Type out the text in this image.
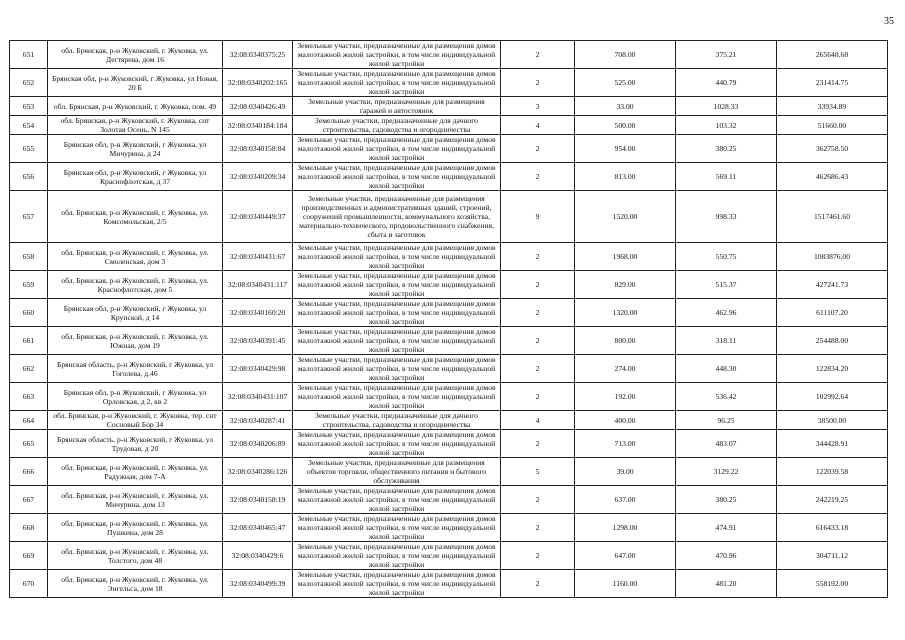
35
651	обл. Брянская, р-н Жуковский, г. Жуковка, ул. Дегтярева, дом 16	32:08:0340375:25	Земельные участки, предназначенные для размещения домов малоэтажной жилой застройки, в том числе индивидуальной жилой застройки	2	708.00	375.21	265648.68
652	Брянская обл, р-н Жуковский, г Жуковка, ул Новая, 20 Б	32:08:0340202:165	Земельные участки, предназначенные для размещения домов малоэтажной жилой застройки, в том числе индивидуальной жилой застройки	2	525.00	440.79	231414.75
653	обл. Брянская, р-н Жуковский, г. Жуковка, пом. 49	32:08:0340426:49	Земельные участки, предназначенные для размещения гаражей и автостоянок	3	33.00	1028.33	33934.89
654	обл. Брянская, р-н Жуковский, г. Жуковка, снт Золотая Осень, N 145	32:08:0340184:184	Земельные участки, предназначенные для дачного строительства, садоводства и огородничества	4	500.00	103.32	51660.00
655	Брянская обл, р-н Жуковский, г Жуковка, ул Мичурина, д 24	32:08:0340158:84	Земельные участки, предназначенные для размещения домов малоэтажной жилой застройки, в том числе индивидуальной жилой застройки	2	954.00	380.25	362758.50
656	Брянская обл, р-н Жуковский, г Жуковка, ул Краснофлотская, д 37	32:08:0340209:34	Земельные участки, предназначенные для размещения домов малоэтажной жилой застройки, в том числе индивидуальной жилой застройки	2	813.00	569.11	462686.43
657	обл. Брянская, р-н Жуковский, г. Жуковка, ул. Комсомольская, 2/5	32:08:0340449:37	Земельные участки, предназначенные для размещения производственных и административных зданий, строений, сооружений промышленности, коммунального хозяйства, материально-технического, продовольственного снабжения, сбыта и заготовок	9	1520.00	998.33	1517461.60
658	обл. Брянская, р-н Жуковский, г. Жуковка, ул. Смоленская, дом 3	32:08:0340431:67	Земельные участки, предназначенные для размещения домов малоэтажной жилой застройки, в том числе индивидуальной жилой застройки	2	1968.00	550.75	1083876.00
659	обл. Брянская, р-н Жуковский, г. Жуковка, ул. Краснофлотская, дом 5	32:08:0340431:117	Земельные участки, предназначенные для размещения домов малоэтажной жилой застройки, в том числе индивидуальной жилой застройки	2	829.00	515.37	427241.73
660	Брянская обл, р-н Жуковский, г Жуковка, ул Крупской, д 14	32:08:0340160:20	Земельные участки, предназначенные для размещения домов малоэтажной жилой застройки, в том числе индивидуальной жилой застройки	2	1320.00	462.96	611107.20
661	обл. Брянская, р-н Жуковский, г. Жуковка, ул. Южная, дом 19	32:08:0340391:45	Земельные участки, предназначенные для размещения домов малоэтажной жилой застройки, в том числе индивидуальной жилой застройки	2	800.00	318.11	254488.00
662	Брянская область, р-н Жуковский, г Жуковка, ул Гоголева, д.46	32:08:0340429:98	Земельные участки, предназначенные для размещения домов малоэтажной жилой застройки, в том числе индивидуальной жилой застройки	2	274.00	448.30	122834.20
663	Брянская обл, р-н Жуковский, г Жуковка, ул Орловская, д 2, кв 2	32:08:0340431:107	Земельные участки, предназначенные для размещения домов малоэтажной жилой застройки, в том числе индивидуальной жилой застройки	2	192.00	536.42	102992.64
664	обл. Брянская, р-н Жуковский, г. Жуковка, тер. снт Сосновый Бор 34	32:08:0340287:41	Земельные участки, предназначенные для дачного строительства, садоводства и огородничества	4	400.00	96.25	38500.00
665	Брянская область, р-н Жуковский, г Жуковка, ул Трудовая, д 20	32:08:0340206:89	Земельные участки, предназначенные для размещения домов малоэтажной жилой застройки, в том числе индивидуальной жилой застройки	2	713.00	483.07	344428.91
666	обл. Брянская, р-н Жуковский, г. Жуковка, ул. Радужная, дом 7-А	32:08:0340286:126	Земельные участки, предназначенные для размещения объектов торговли, общественного питания и бытового обслуживания	5	39.00	3129.22	122039.58
667	обл. Брянская, р-н Жуковский, г. Жуковка, ул. Мичурина, дом 13	32:08:0340158:19	Земельные участки, предназначенные для размещения домов малоэтажной жилой застройки, в том числе индивидуальной жилой застройки	2	637.00	380.25	242219.25
668	обл. Брянская, р-н Жуковский, г. Жуковка, ул. Пушкина, дом 28	32:08:0340465:47	Земельные участки, предназначенные для размещения домов малоэтажной жилой застройки, в том числе индивидуальной жилой застройки	2	1298.00	474.91	616433.18
669	обл. Брянская, р-н Жуковский, г. Жуковка, ул. Толстого, дом 48	32:08:0340429:6	Земельные участки, предназначенные для размещения домов малоэтажной жилой застройки, в том числе индивидуальной жилой застройки	2	647.00	470.96	304711.12
670	обл. Брянская, р-н Жуковский, г. Жуковка, ул. Энгельса, дом 18	32:08:0340499:39	Земельные участки, предназначенные для размещения домов малоэтажной жилой застройки, в том числе индивидуальной жилой застройки	2	1160.00	481.20	558192.00
